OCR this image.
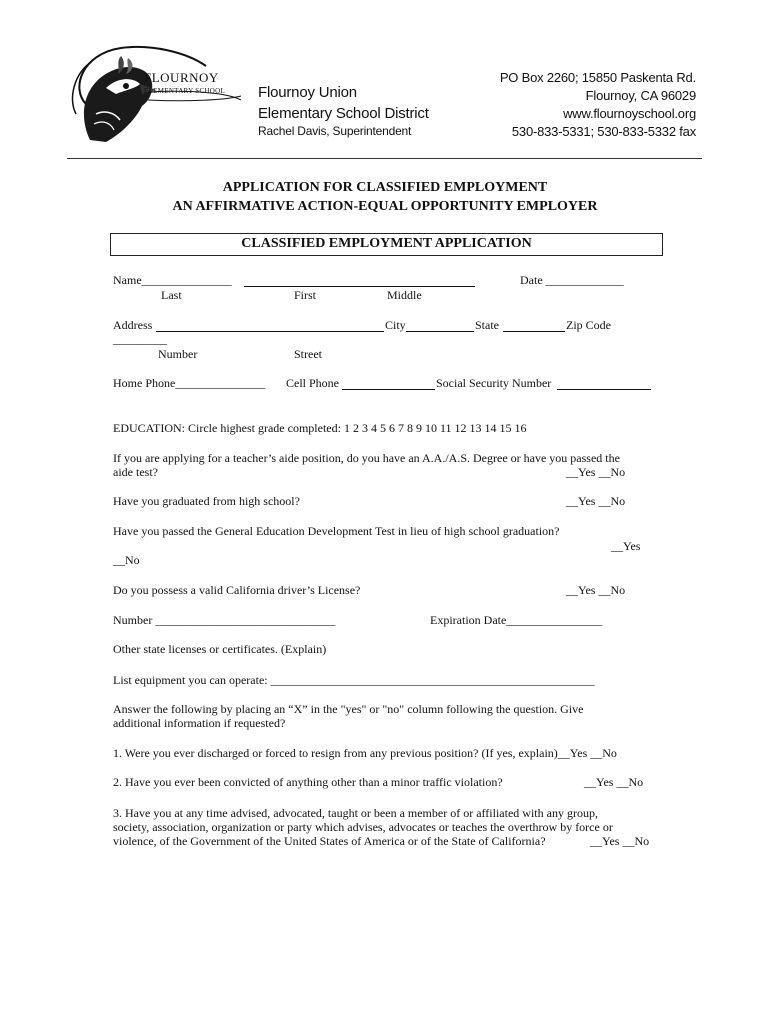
FLOURNOY
ELEMENTARY SCHOOL Flournoy Union
Elementary School District
Rachel Davis, Superintendent
PO Box 2260; 15850 Paskenta Rd.
Flournoy, CA 96029
www.flournoyschool.org
530-833-5331; 530-833-5332 fax
APPLICATION FOR CLASSIFIED EMPLOYMENT
AN AFFIRMATIVE ACTION-EQUAL OPPORTUNITY EMPLOYER
CLASSIFIED EMPLOYMENT APPLICATION
Name_______________	Date _____________
Last	First	Middle
Address	City	State	Zip Code
_________
Number	Street
Home Phone_______________ Cell Phone	Social Security Number
EDUCATION: Circle highest grade completed: 1 2 3 4 5 6 7 8 9 10 11 12 13 14 15 16
If you are applying for a teacher’s aide position, do you have an A.A./A.S. Degree or have you passed the
aide test?	__Yes __No
Have you graduated from high school?	__Yes __No
Have you passed the General Education Development Test in lieu of high school graduation?
__Yes
__No
Do you possess a valid California driver’s License?	__Yes __No
Number ______________________________	Expiration Date________________
Other state licenses or certificates. (Explain)
List equipment you can operate: ______________________________________________________
Answer the following by placing an “X” in the "yes" or "no" column following the question. Give
additional information if requested?
1. Were you ever discharged or forced to resign from any previous position? (If yes, explain)__Yes __No
2. Have you ever been convicted of anything other than a minor traffic violation?	__Yes __No
3. Have you at any time advised, advocated, taught or been a member of or affiliated with any group,
society, association, organization or party which advises, advocates or teaches the overthrow by force or
violence, of the Government of the United States of America or of the State of California?	__Yes __No
